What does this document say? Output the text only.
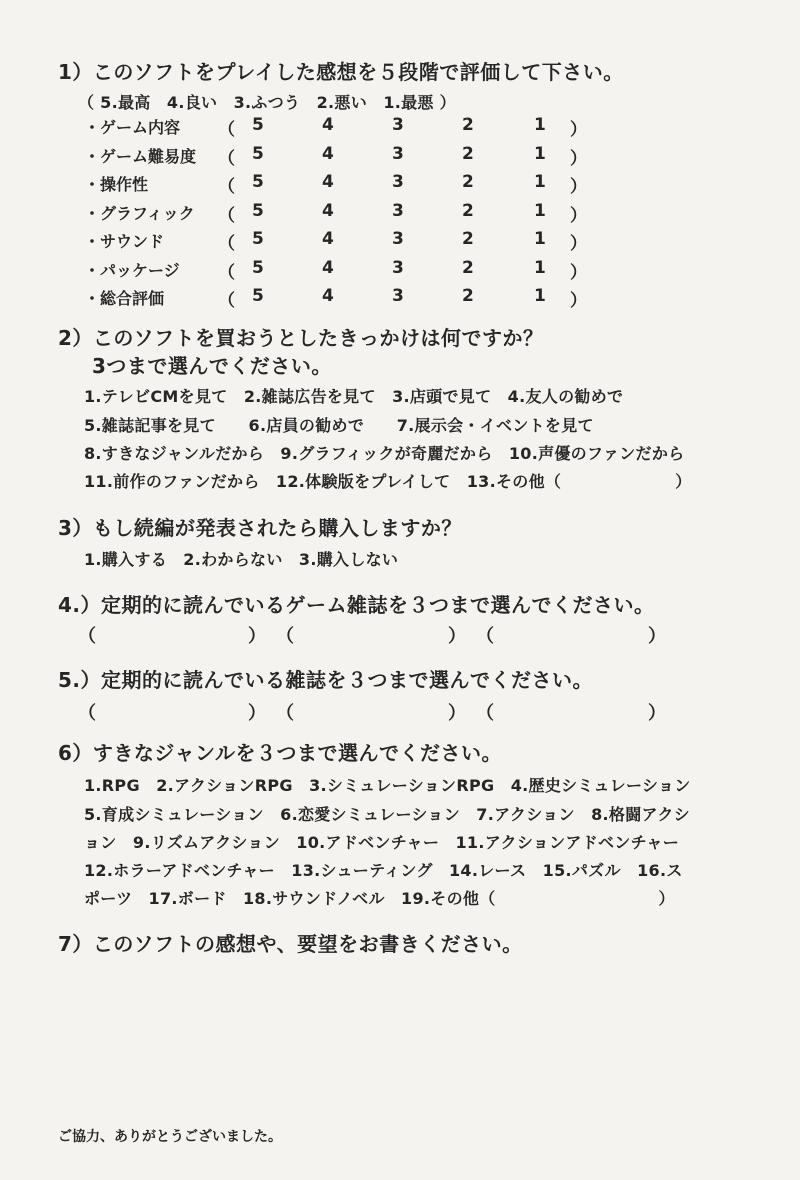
1）このソフトをプレイした感想を５段階で評価して下さい。
（ 5.最高　4.良い　3.ふつう　2.悪い　1.最悪 ）
・ゲーム内容 （ 5	4	3	2	1 ）
・ゲーム難易度 （ 5	4	3	2	1 ）
・操作性	（ 5	4	3	2	1 ）
・グラフィック （ 5	4	3	2	1 ）
・サウンド	（ 5	4	3	2	1 ）
・パッケージ （ 5	4	3	2	1 ）
・総合評価	（ 5	4	3	2	1 ）
2）このソフトを買おうとしたきっかけは何ですか？
3つまで選んでください。
1.テレビCMを見て　2.雑誌広告を見て　3.店頭で見て　4.友人の勧めで
5.雑誌記事を見て　　6.店員の勧めで　　7.展示会・イベントを見て
8.すきなジャンルだから　9.グラフィックが奇麗だから　10.声優のファンだから
11.前作のファンだから　12.体験版をプレイして　13.その他（　　　　　　　）
3）もし続編が発表されたら購入しますか？
1.購入する　2.わからない　3.購入しない
4.）定期的に読んでいるゲーム雑誌を３つまで選んでください。
（	） （	） （	）
5.）定期的に読んでいる雑誌を３つまで選んでください。
（	） （	） （	）
6）すきなジャンルを３つまで選んでください。
1.RPG　2.アクションRPG　3.シミュレーションRPG　4.歴史シミュレーション
5.育成シミュレーション　6.恋愛シミュレーション　7.アクション　8.格闘アクシ
ョン　9.リズムアクション　10.アドベンチャー　11.アクションアドベンチャー
12.ホラーアドベンチャー　13.シューティング　14.レース　15.パズル　16.ス
ポーツ　17.ボード　18.サウンドノベル　19.その他（　　　　　　　　　　）
7）このソフトの感想や、要望をお書きください。
ご協力、ありがとうございました。
